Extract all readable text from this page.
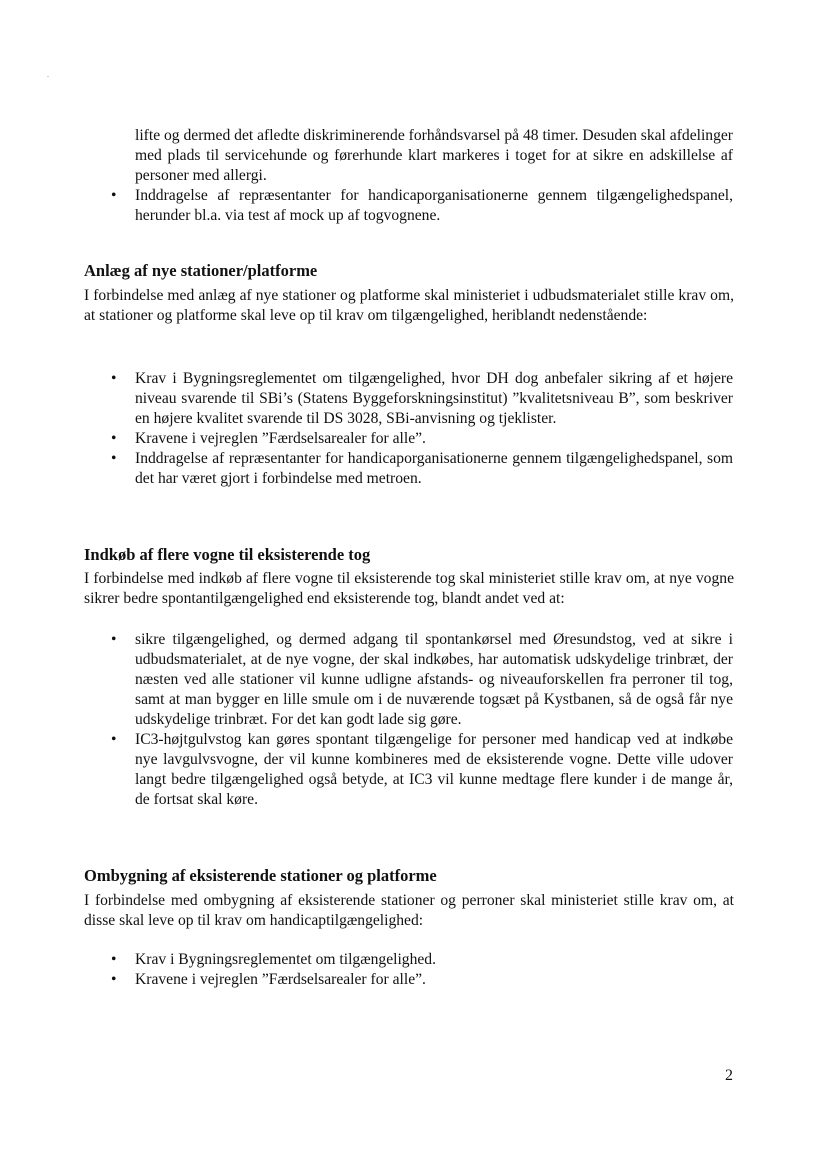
lifte og dermed det afledte diskriminerende forhåndsvarsel på 48 timer. Desuden skal afdelinger med plads til servicehunde og førerhunde klart markeres i toget for at sikre en adskillelse af personer med allergi.
• Inddragelse af repræsentanter for handicaporganisationerne gennem tilgængelighedspanel, herunder bl.a. via test af mock up af togvognene.
Anlæg af nye stationer/platforme

I forbindelse med anlæg af nye stationer og platforme skal ministeriet i udbudsmaterialet stille krav om, at stationer og platforme skal leve op til krav om tilgængelighed, heriblandt nedenstående:

• Krav i Bygningsreglementet om tilgængelighed, hvor DH dog anbefaler sikring af et højere niveau svarende til SBi’s (Statens Byggeforskningsinstitut) ”kvalitetsniveau B”, som beskriver en højere kvalitet svarende til DS 3028, SBi-anvisning og tjeklister.
• Kravene i vejreglen ”Færdselsarealer for alle”.
• Inddragelse af repræsentanter for handicaporganisationerne gennem tilgængelighedspanel, som det har været gjort i forbindelse med metroen.
Indkøb af flere vogne til eksisterende tog

I forbindelse med indkøb af flere vogne til eksisterende tog skal ministeriet stille krav om, at nye vogne sikrer bedre spontantilgængelighed end eksisterende tog, blandt andet ved at:

• sikre tilgængelighed, og dermed adgang til spontankørsel med Øresundstog, ved at sikre i udbudsmaterialet, at de nye vogne, der skal indkøbes, har automatisk udskydelige trinbræt, der næsten ved alle stationer vil kunne udligne afstands- og niveauforskellen fra perroner til tog, samt at man bygger en lille smule om i de nuværende togsæt på Kystbanen, så de også får nye udskydelige trinbræt. For det kan godt lade sig gøre.
• IC3-højtgulvstog kan gøres spontant tilgængelige for personer med handicap ved at indkøbe nye lavgulvsvogne, der vil kunne kombineres med de eksisterende vogne. Dette ville udover langt bedre tilgængelighed også betyde, at IC3 vil kunne medtage flere kunder i de mange år, de fortsat skal køre.
Ombygning af eksisterende stationer og platforme

I forbindelse med ombygning af eksisterende stationer og perroner skal ministeriet stille krav om, at disse skal leve op til krav om handicaptilgængelighed:

• Krav i Bygningsreglementet om tilgængelighed.
• Kravene i vejreglen ”Færdselsarealer for alle”.
2
